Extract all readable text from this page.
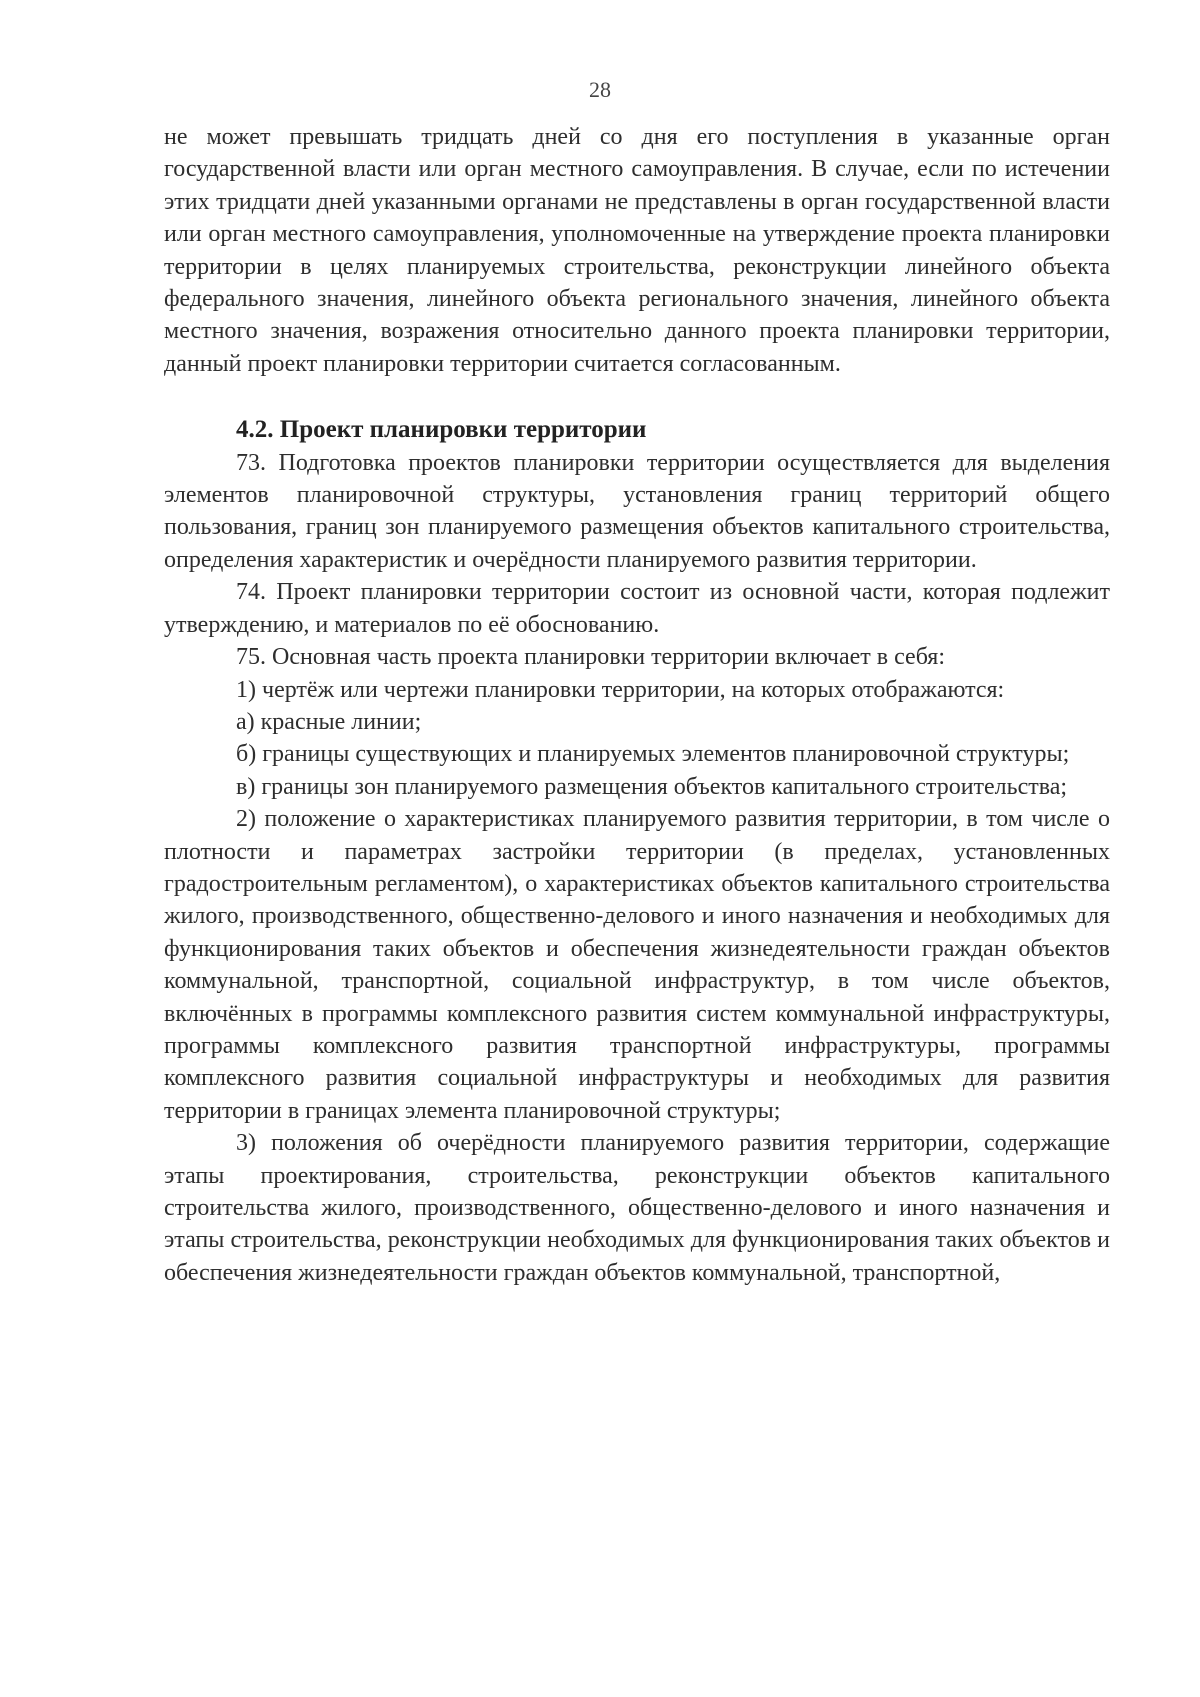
28

не может превышать тридцать дней со дня его поступления в указанные орган государственной власти или орган местного самоуправления. В случае, если по истечении этих тридцати дней указанными органами не представлены в орган государственной власти или орган местного самоуправления, уполномоченные на утверждение проекта планировки территории в целях планируемых строительства, реконструкции линейного объекта федерального значения, линейного объекта регионального значения, линейного объекта местного значения, возражения относительно данного проекта планировки территории, данный проект планировки территории считается согласованным.

4.2. Проект планировки территории

73. Подготовка проектов планировки территории осуществляется для выделения элементов планировочной структуры, установления границ территорий общего пользования, границ зон планируемого размещения объектов капитального строительства, определения характеристик и очерёдности планируемого развития территории.

74. Проект планировки территории состоит из основной части, которая подлежит утверждению, и материалов по её обоснованию.

75. Основная часть проекта планировки территории включает в себя:

1) чертёж или чертежи планировки территории, на которых отображаются:

а) красные линии;

б) границы существующих и планируемых элементов планировочной структуры;

в) границы зон планируемого размещения объектов капитального строительства;

2) положение о характеристиках планируемого развития территории, в том числе о плотности и параметрах застройки территории (в пределах, установленных градостроительным регламентом), о характеристиках объектов капитального строительства жилого, производственного, общественно-делового и иного назначения и необходимых для функционирования таких объектов и обеспечения жизнедеятельности граждан объектов коммунальной, транспортной, социальной инфраструктур, в том числе объектов, включённых в программы комплексного развития систем коммунальной инфраструктуры, программы комплексного развития транспортной инфраструктуры, программы комплексного развития социальной инфраструктуры и необходимых для развития территории в границах элемента планировочной структуры;

3) положения об очерёдности планируемого развития территории, содержащие этапы проектирования, строительства, реконструкции объектов капитального строительства жилого, производственного, общественно-делового и иного назначения и этапы строительства, реконструкции необходимых для функционирования таких объектов и обеспечения жизнедеятельности граждан объектов коммунальной, транспортной,
